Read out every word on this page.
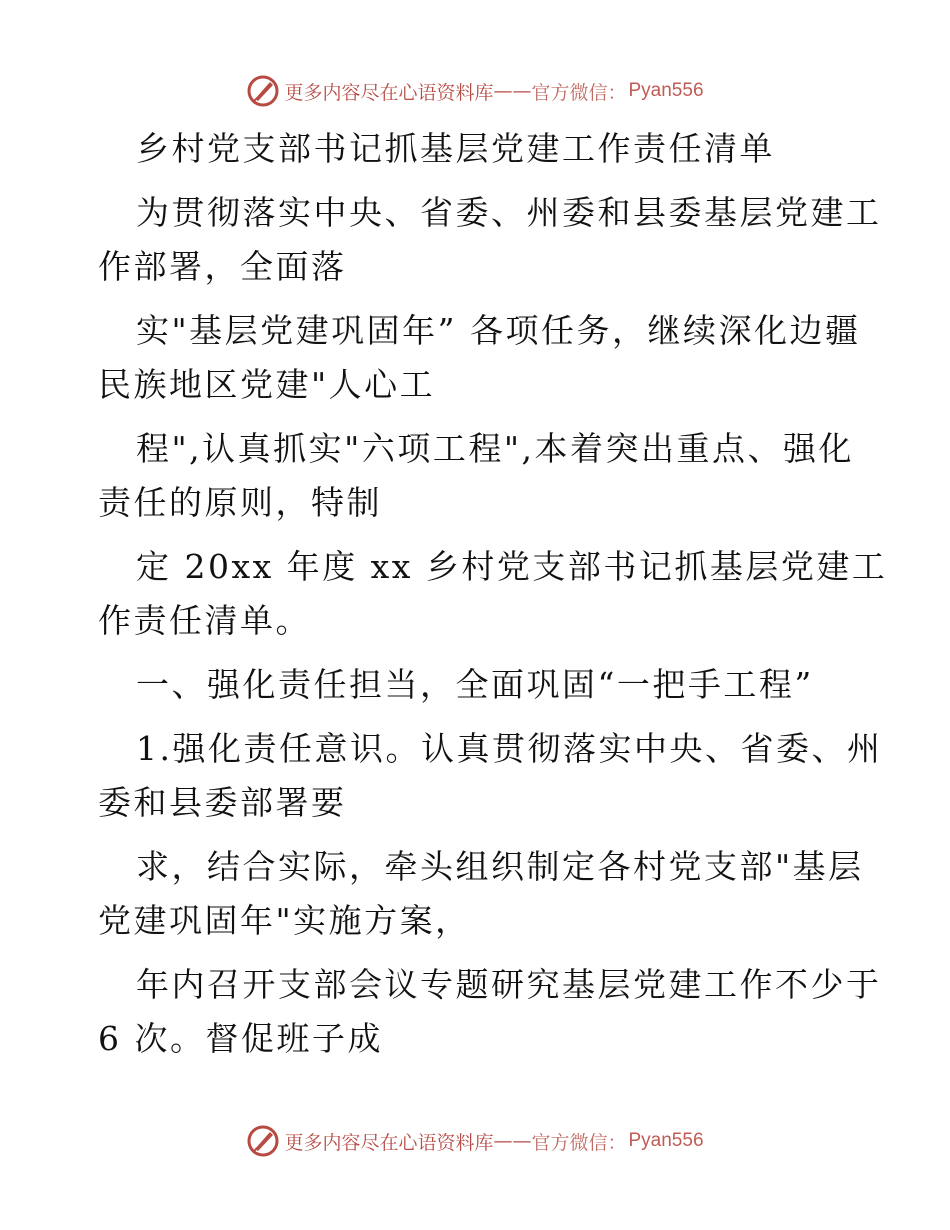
更多内容尽在心语资料库 —— 官方微信： Pyan556
乡村党支部书记抓基层党建工作责任清单
为贯彻落实中央、省委、州委和县委基层党建工
作部署，全面落
实"基层党建巩固年” 各项任务，继续深化边疆
民族地区党建"人心工
程",认真抓实"六项工程",本着突出重点、强化
责任的原则，特制
定 20xx 年度 xx 乡村党支部书记抓基层党建工
作责任清单。
一、强化责任担当，全面巩固“一把手工程”
1.强化责任意识。认真贯彻落实中央、省委、州
委和县委部署要
求，结合实际，牵头组织制定各村党支部"基层
党建巩固年"实施方案，
年内召开支部会议专题研究基层党建工作不少于
6 次。督促班子成
更多内容尽在心语资料库 —— 官方微信： Pyan556
